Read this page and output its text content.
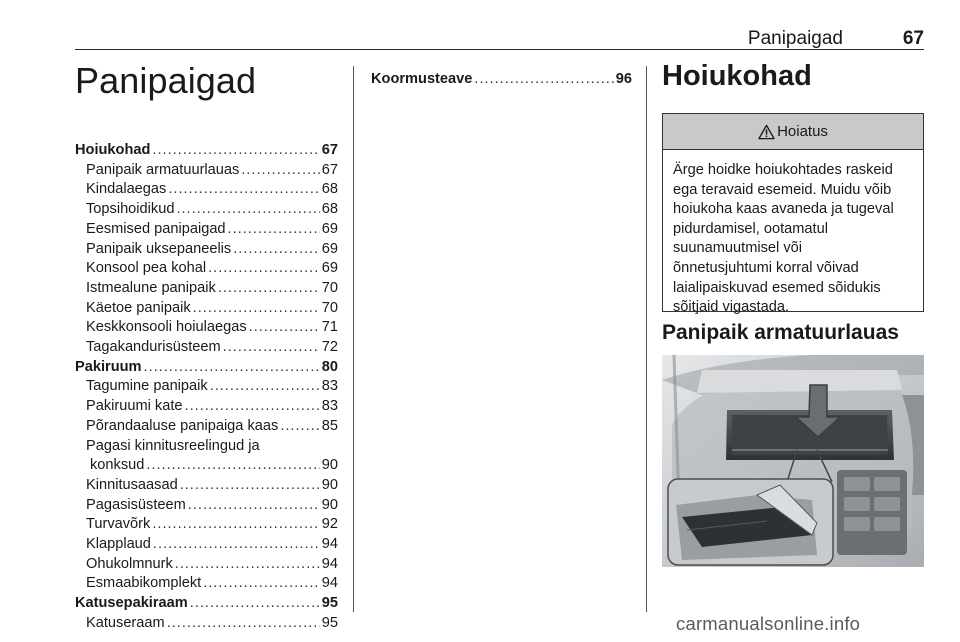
Panipaigad	67
Panipaigad
Hoiukohad .....	67
Panipaik armatuurlauas .....	67
Kindalaegas .....	68
Topsihoidikud .....	68
Eesmised panipaigad .....	69
Panipaik uksepaneelis .....	69
Konsool pea kohal .....	69
Istmealune panipaik .....	70
Käetoe panipaik .....	70
Keskkonsooli hoiulaegas .....	71
Tagakandurisüsteem .....	72
Pakiruum .....	80
Tagumine panipaik .....	83
Pakiruumi kate .....	83
Põrandaaluse panipaiga kaas .....	85
Pagasi kinnitusreelingud ja
konksud .....	90
Kinnitusaasad .....	90
Pagasisüsteem .....	90
Turvavõrk .....	92
Klapplaud .....	94
Ohukolmnurk .....	94
Esmaabikomplekt .....	94
Katusepakiraam .....	95
Katuseraam .....	95
Koormusteave .....	96 Hoiukohad
Hoiatus
Ärge hoidke hoiukohtades raskeid
ega teravaid esemeid. Muidu võib
hoiukoha kaas avaneda ja tugeval
pidurdamisel, ootamatul
suunamuutmisel või
õnnetusjuhtumi korral võivad
laialipaiskuvad esemed sõidukis
sõitjaid vigastada.
Panipaik armatuurlauas
carmanualsonline.info
